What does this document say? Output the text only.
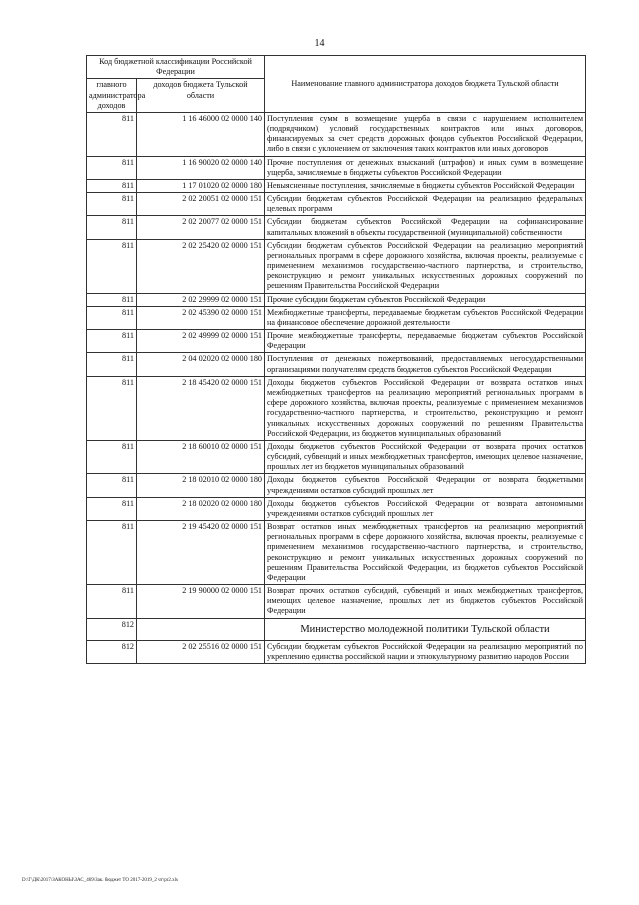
14
Код бюджетной классификации Российской Федерации		Наименование главного администратора доходов бюджета Тульской области
главного администратора доходов	доходов бюджета Тульской области	
811	1 16 46000 02 0000 140	Поступления сумм в возмещение ущерба в связи с нарушением исполнителем (подрядчиком) условий государственных контрактов или иных договоров, финансируемых за счет средств дорожных фондов субъектов Российской Федерации, либо в связи с уклонением от заключения таких контрактов или иных договоров
811	1 16 90020 02 0000 140	Прочие поступления от денежных взысканий (штрафов) и иных сумм в возмещение ущерба, зачисляемые в бюджеты субъектов Российской Федерации
811	1 17 01020 02 0000 180	Невыясненные поступления, зачисляемые в бюджеты субъектов Российской Федерации
811	2 02 20051 02 0000 151	Субсидии бюджетам субъектов Российской Федерации на реализацию федеральных целевых программ
811	2 02 20077 02 0000 151	Субсидии бюджетам субъектов Российской Федерации на софинансирование капитальных вложений в объекты государственной (муниципальной) собственности
811	2 02 25420 02 0000 151	Субсидии бюджетам субъектов Российской Федерации на реализацию мероприятий региональных программ в сфере дорожного хозяйства, включая проекты, реализуемые с применением механизмов государственно-частного партнерства, и строительство, реконструкцию и ремонт уникальных искусственных дорожных сооружений по решениям Правительства Российской Федерации
811	2 02 29999 02 0000 151	Прочие субсидии бюджетам субъектов Российской Федерации
811	2 02 45390 02 0000 151	Межбюджетные трансферты, передаваемые бюджетам субъектов Российской Федерации на финансовое обеспечение дорожной деятельности
811	2 02 49999 02 0000 151	Прочие межбюджетные трансферты, передаваемые бюджетам субъектов Российской Федерации
811	2 04 02020 02 0000 180	Поступления от денежных пожертвований, предоставляемых негосударственными организациями получателям средств бюджетов субъектов Российской Федерации
811	2 18 45420 02 0000 151	Доходы бюджетов субъектов Российской Федерации от возврата остатков иных межбюджетных трансфертов на реализацию мероприятий региональных программ в сфере дорожного хозяйства, включая проекты, реализуемые с применением механизмов государственно-частного партнерства, и строительство, реконструкцию и ремонт уникальных искусственных дорожных сооружений по решениям Правительства Российской Федерации, из бюджетов муниципальных образований
811	2 18 60010 02 0000 151	Доходы бюджетов субъектов Российской Федерации от возврата прочих остатков субсидий, субвенций и иных межбюджетных трансфертов, имеющих целевое назначение, прошлых лет из бюджетов муниципальных образований
811	2 18 02010 02 0000 180	Доходы бюджетов субъектов Российской Федерации от возврата бюджетными учреждениями остатков субсидий прошлых лет
811	2 18 02020 02 0000 180	Доходы бюджетов субъектов Российской Федерации от возврата автономными учреждениями остатков субсидий прошлых лет
811	2 19 45420 02 0000 151	Возврат остатков иных межбюджетных трансфертов на реализацию мероприятий региональных программ в сфере дорожного хозяйства, включая проекты, реализуемые с применением механизмов государственно-частного партнерства, и строительство, реконструкцию и ремонт уникальных искусственных дорожных сооружений по решениям Правительства Российской Федерации, из бюджетов субъектов Российской Федерации
811	2 19 90000 02 0000 151	Возврат прочих остатков субсидий, субвенций и иных межбюджетных трансфертов, имеющих целевое назначение, прошлых лет из бюджетов субъектов Российской Федерации
812		Министерство молодежной политики Тульской области
812	2 02 25516 02 0000 151	Субсидии бюджетам субъектов Российской Федерации на реализацию мероприятий по укреплению единства российской нации и этнокультурному развитию народов России
D:\Г\ДК\2017\ЗАКОНЫ\ЗАС_469\Зак. бюджет ТО 2017-2019_2 чт\pr2.xls
